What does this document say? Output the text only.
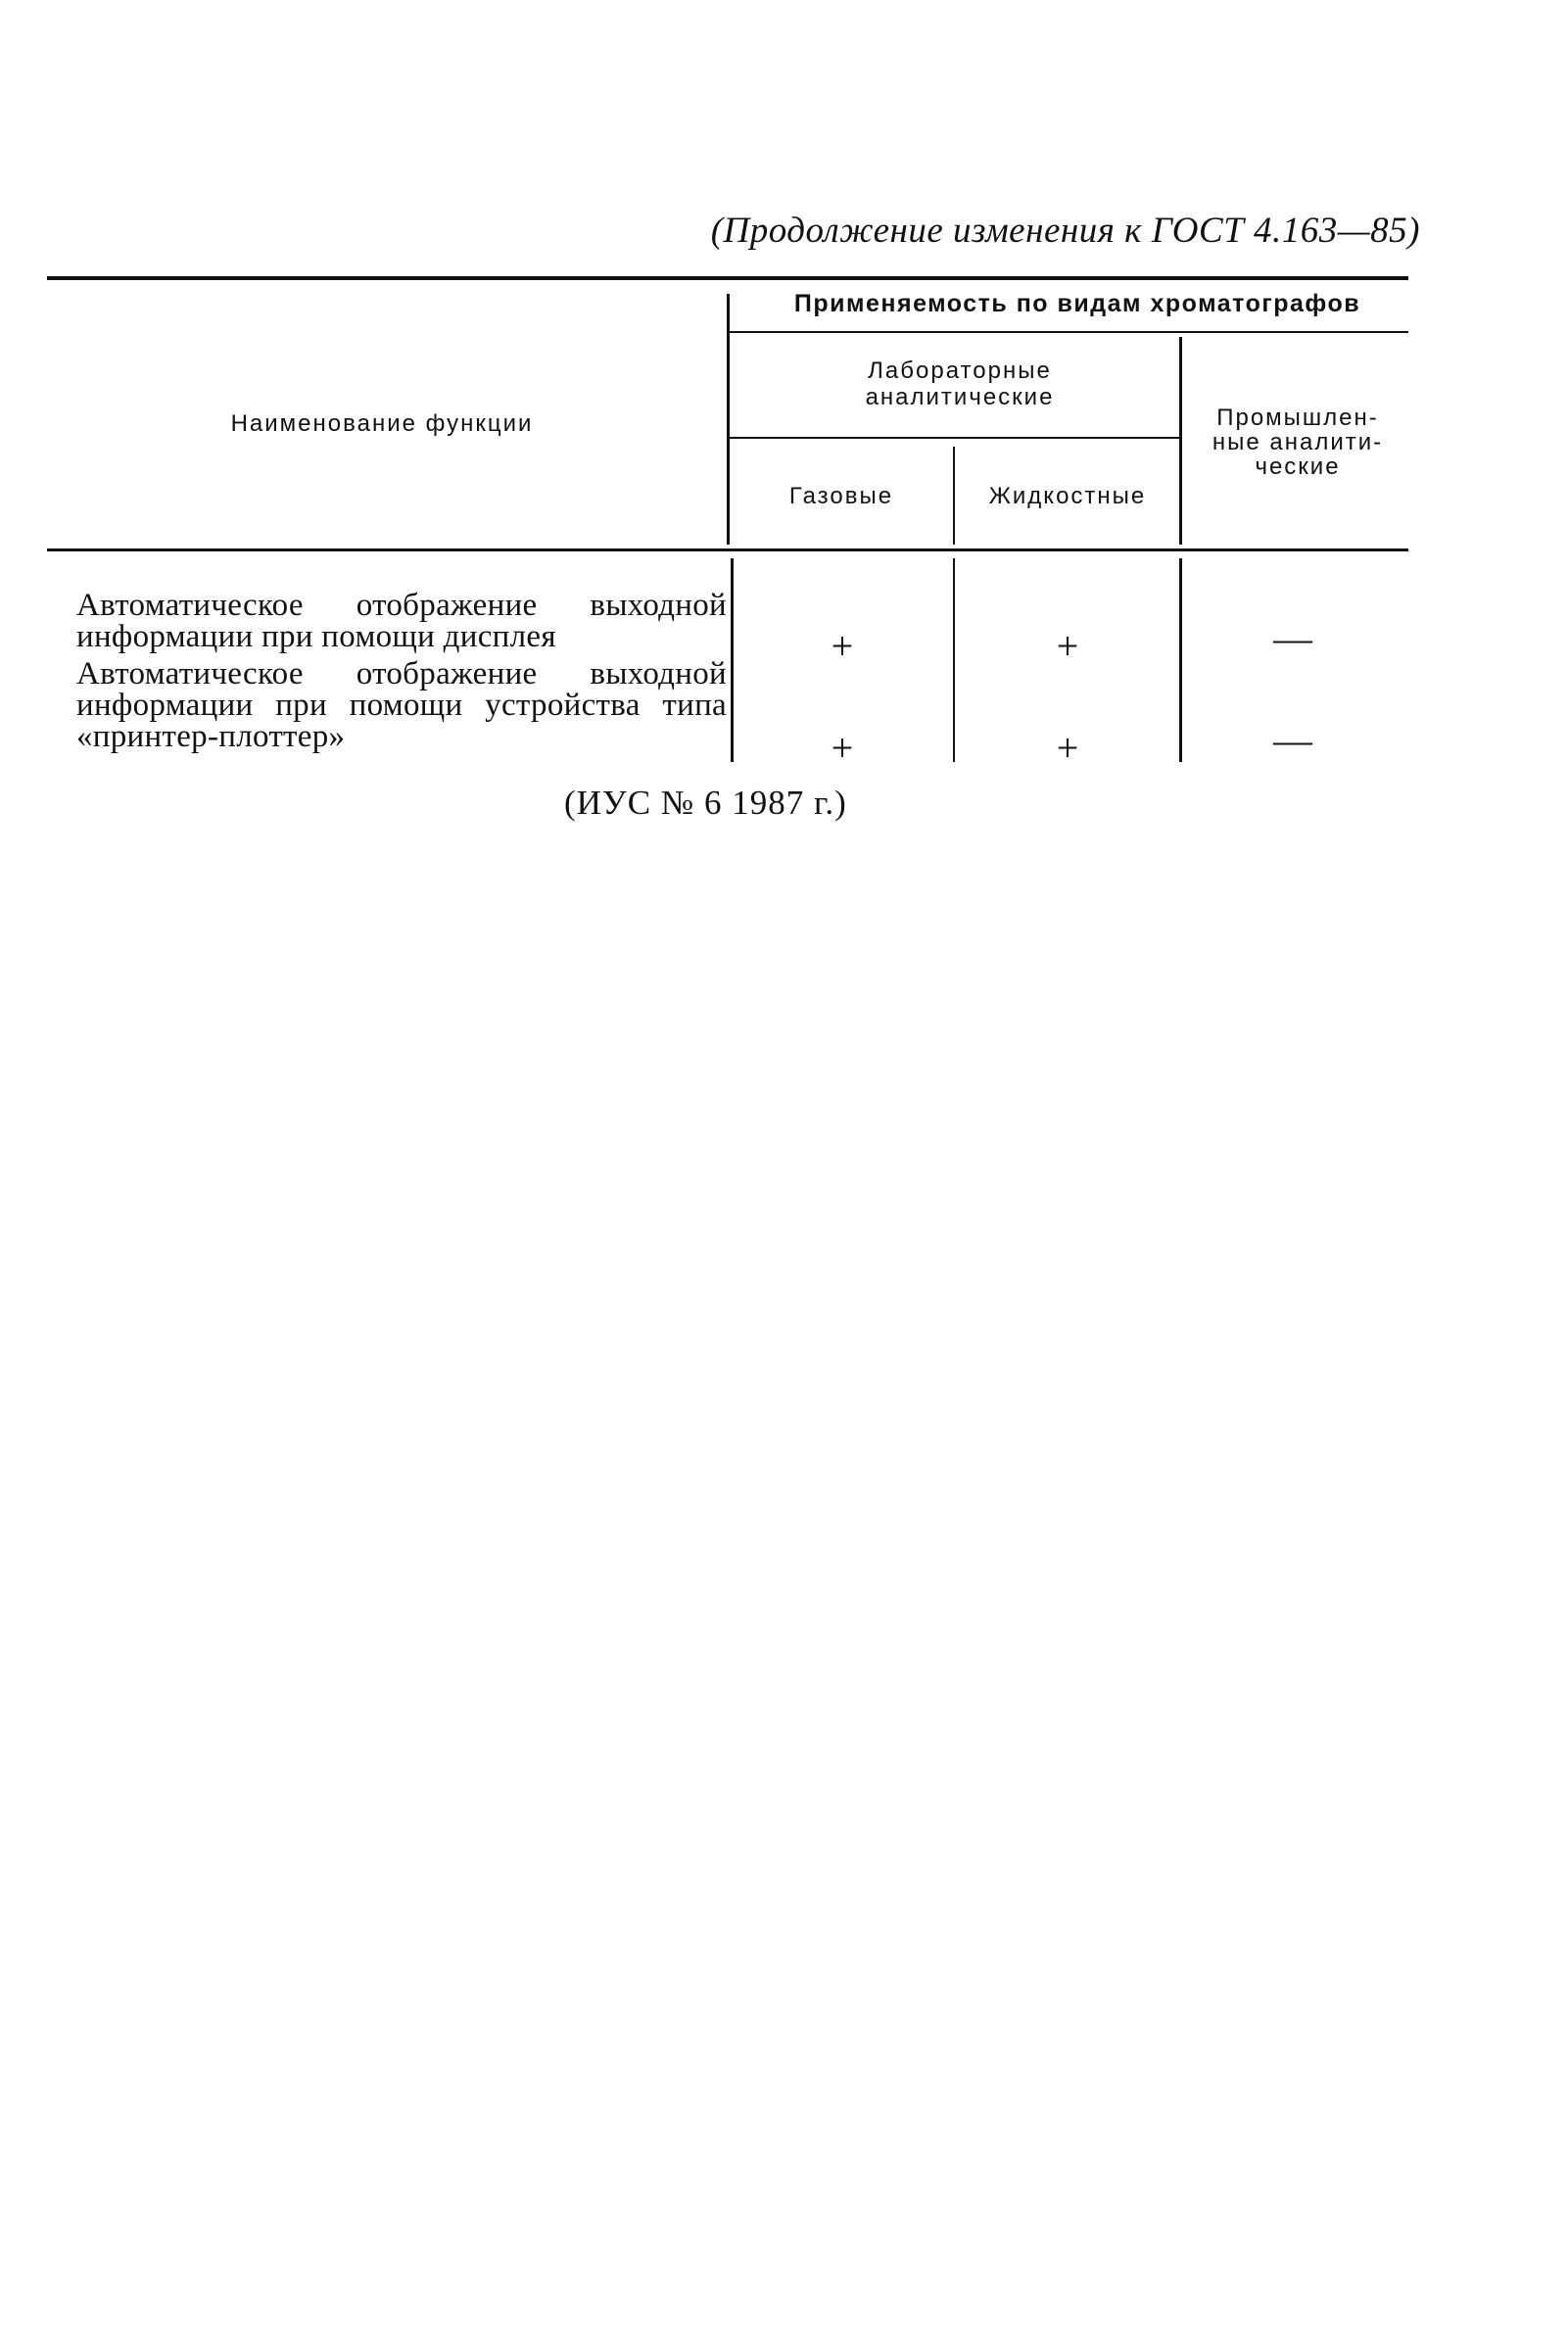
(Продолжение изменения к ГОСТ 4.163—85)
Применяемость по видам хроматографов
Наименование функции
Лабораторные аналитические
Промышлен-ные аналити-ческие
Газовые	Жидкостные
Автоматическое отображение выходной информации при помощи дисплея	+	+	—
Автоматическое отображение выходной информации при помощи устройства типа «принтер-плоттер»	+	+	—
(ИУС № 6 1987 г.)
